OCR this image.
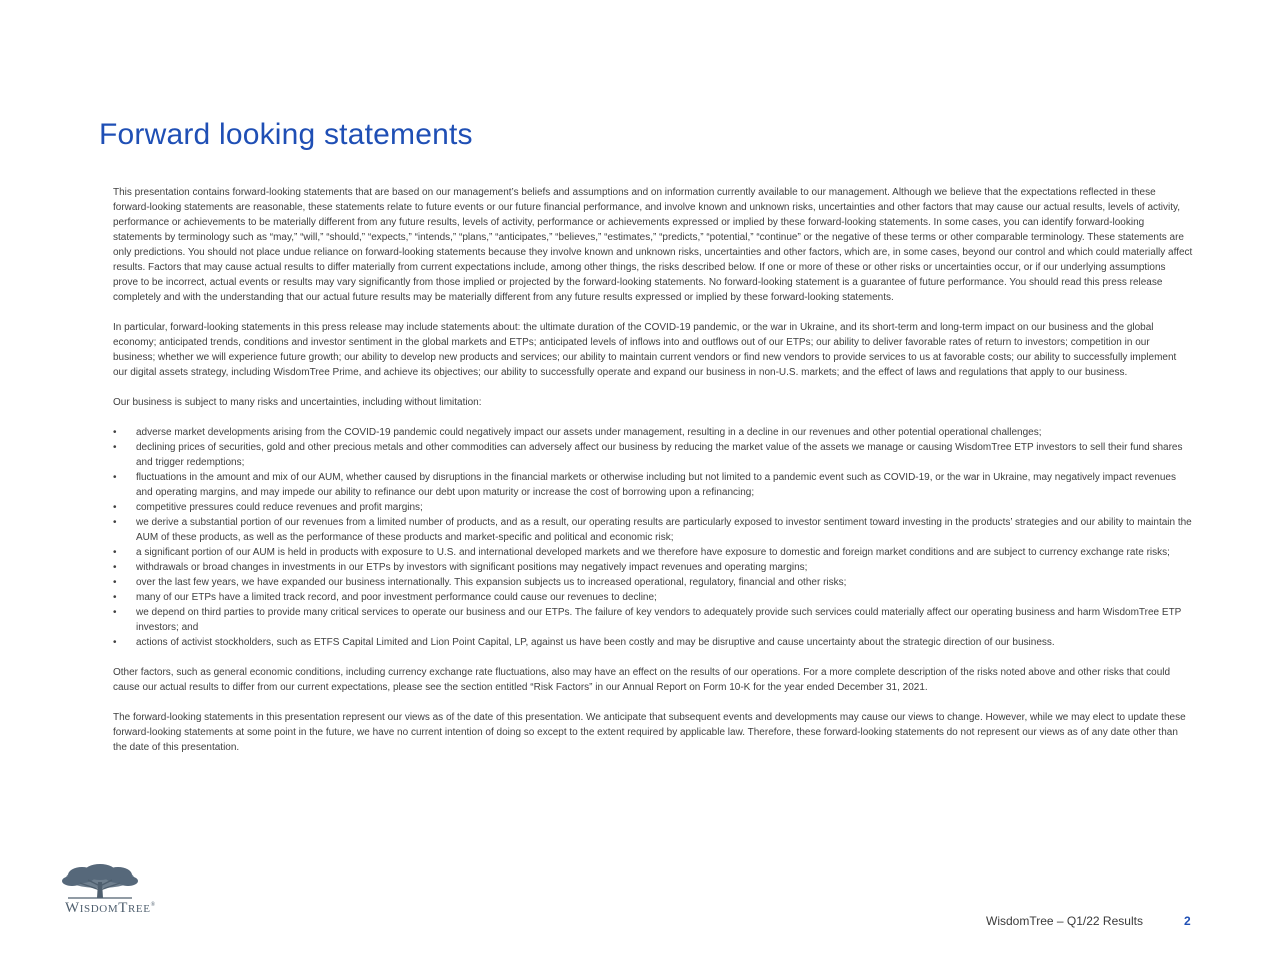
Forward looking statements

This presentation contains forward-looking statements that are based on our management’s beliefs and assumptions and on information currently available to our management. Although we believe that the expectations reflected in these forward-looking statements are reasonable, these statements relate to future events or our future financial performance, and involve known and unknown risks, uncertainties and other factors that may cause our actual results, levels of activity, performance or achievements to be materially different from any future results, levels of activity, performance or achievements expressed or implied by these forward-looking statements. In some cases, you can identify forward-looking statements by terminology such as “may,” “will,” “should,” “expects,” “intends,” “plans,” “anticipates,” “believes,” “estimates,” “predicts,” “potential,” “continue” or the negative of these terms or other comparable terminology. These statements are only predictions. You should not place undue reliance on forward-looking statements because they involve known and unknown risks, uncertainties and other factors, which are, in some cases, beyond our control and which could materially affect results. Factors that may cause actual results to differ materially from current expectations include, among other things, the risks described below. If one or more of these or other risks or uncertainties occur, or if our underlying assumptions prove to be incorrect, actual events or results may vary significantly from those implied or projected by the forward-looking statements. No forward-looking statement is a guarantee of future performance. You should read this press release completely and with the understanding that our actual future results may be materially different from any future results expressed or implied by these forward-looking statements.

In particular, forward-looking statements in this press release may include statements about: the ultimate duration of the COVID-19 pandemic, or the war in Ukraine, and its short-term and long-term impact on our business and the global economy; anticipated trends, conditions and investor sentiment in the global markets and ETPs; anticipated levels of inflows into and outflows out of our ETPs; our ability to deliver favorable rates of return to investors; competition in our business; whether we will experience future growth; our ability to develop new products and services; our ability to maintain current vendors or find new vendors to provide services to us at favorable costs; our ability to successfully implement our digital assets strategy, including WisdomTree Prime, and achieve its objectives; our ability to successfully operate and expand our business in non-U.S. markets; and the effect of laws and regulations that apply to our business.

Our business is subject to many risks and uncertainties, including without limitation:

• adverse market developments arising from the COVID-19 pandemic could negatively impact our assets under management, resulting in a decline in our revenues and other potential operational challenges;
• declining prices of securities, gold and other precious metals and other commodities can adversely affect our business by reducing the market value of the assets we manage or causing WisdomTree ETP investors to sell their fund shares and trigger redemptions;
• fluctuations in the amount and mix of our AUM, whether caused by disruptions in the financial markets or otherwise including but not limited to a pandemic event such as COVID-19, or the war in Ukraine, may negatively impact revenues and operating margins, and may impede our ability to refinance our debt upon maturity or increase the cost of borrowing upon a refinancing;
• competitive pressures could reduce revenues and profit margins;
• we derive a substantial portion of our revenues from a limited number of products, and as a result, our operating results are particularly exposed to investor sentiment toward investing in the products’ strategies and our ability to maintain the AUM of these products, as well as the performance of these products and market-specific and political and economic risk;
• a significant portion of our AUM is held in products with exposure to U.S. and international developed markets and we therefore have exposure to domestic and foreign market conditions and are subject to currency exchange rate risks;
• withdrawals or broad changes in investments in our ETPs by investors with significant positions may negatively impact revenues and operating margins;
• over the last few years, we have expanded our business internationally. This expansion subjects us to increased operational, regulatory, financial and other risks;
• many of our ETPs have a limited track record, and poor investment performance could cause our revenues to decline;
• we depend on third parties to provide many critical services to operate our business and our ETPs. The failure of key vendors to adequately provide such services could materially affect our operating business and harm WisdomTree ETP investors; and
• actions of activist stockholders, such as ETFS Capital Limited and Lion Point Capital, LP, against us have been costly and may be disruptive and cause uncertainty about the strategic direction of our business.

Other factors, such as general economic conditions, including currency exchange rate fluctuations, also may have an effect on the results of our operations. For a more complete description of the risks noted above and other risks that could cause our actual results to differ from our current expectations, please see the section entitled “Risk Factors” in our Annual Report on Form 10-K for the year ended December 31, 2021.

The forward-looking statements in this presentation represent our views as of the date of this presentation. We anticipate that subsequent events and developments may cause our views to change. However, while we may elect to update these forward-looking statements at some point in the future, we have no current intention of doing so except to the extent required by applicable law. Therefore, these forward-looking statements do not represent our views as of any date other than the date of this presentation.

WISDOMTREE®
WisdomTree – Q1/22 Results	2
